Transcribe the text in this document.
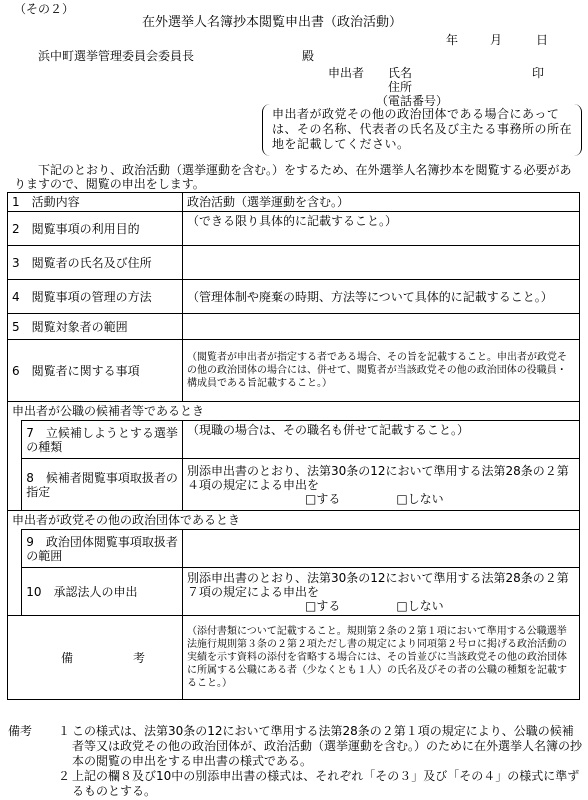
（その２）
在外選挙人名簿抄本閲覧申出書（政治活動）
年	月	日
浜中町選挙管理委員会委員長	殿
申出者 氏名	印
住所
（電話番号）
申出者が政党その他の政治団体である場合にあっては、その名称、代表者の氏名及び主たる事務所の所在地を記載してください。
下記のとおり、政治活動（選挙運動を含む。）をするため、在外選挙人名簿抄本を閲覧する必要がありますので、閲覧の申出をします。
1　活動内容		政治活動（選挙運動を含む。）
2　閲覧事項の利用目的		（できる限り具体的に記載すること。）
3　閲覧者の氏名及び住所		
4　閲覧事項の管理の方法		（管理体制や廃棄の時期、方法等について具体的に記載すること。）
5　閲覧対象者の範囲		
6　閲覧者に関する事項		（閲覧者が申出者が指定する者である場合、その旨を記載すること。申出者が政党その他の政治団体の場合には、併せて、閲覧者が当該政党その他の政治団体の役職員・構成員である旨記載すること。）
申出者が公職の候補者等であるとき		
	7　立候補しようとする選挙の種類	（現職の場合は、その職名も併せて記載すること。）
	8　候補者閲覧事項取扱者の指定	別添申出書のとおり、法第30条の12において準用する法第28条の２第４項の規定による申出を
□する □しない

申出者が政党その他の政治団体であるとき		
	9　政治団体閲覧事項取扱者の範囲	
	10　承認法人の申出	別添申出書のとおり、法第30条の12において準用する法第28条の２第７項の規定による申出を
□する □しない

備　　　　　考		（添付書類について記載すること。規則第２条の２第１項において準用する公職選挙法施行規則第３条の２第２項ただし書の規定により同項第２号ロに掲げる政治活動の実績を示す資料の添付を省略する場合には、その旨並びに当該政党その他の政治団体に所属する公職にある者（少なくとも１人）の氏名及びその者の公職の種類を記載すること。）
備考 １ この様式は、法第30条の12において準用する法第28条の２第１項の規定により、公職の候補者等又は政党その他の政治団体が、政治活動（選挙運動を含む。）のために在外選挙人名簿の抄本の閲覧の申出をする申出書の様式である。
２ 上記の欄８及び10中の別添申出書の様式は、それぞれ「その３」及び「その４」の様式に準ずるものとする。
